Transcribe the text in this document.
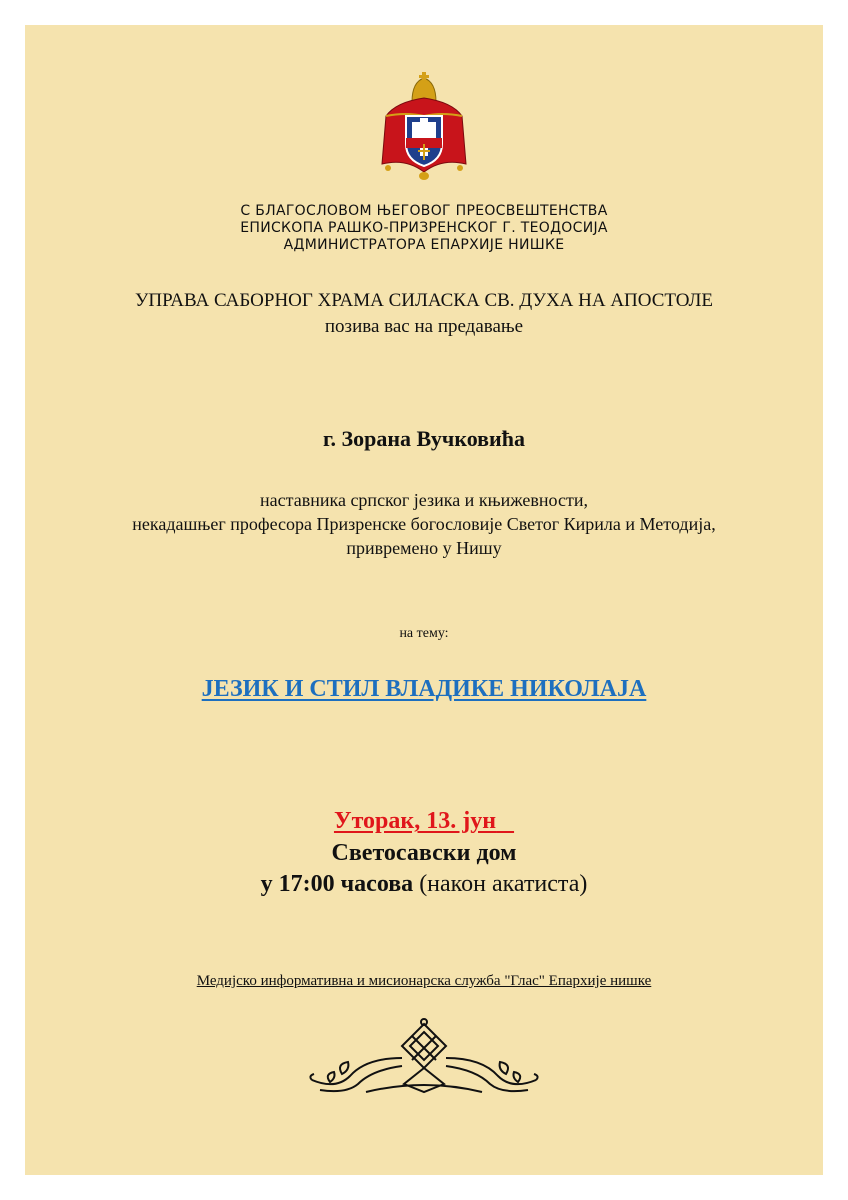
С БЛАГОСЛОВОМ ЊЕГОВОГ ПРЕОСВЕШТЕНСТВА
ЕПИСКОПА РАШКО-ПРИЗРЕНСКОГ Г. ТЕОДОСИЈА
АДМИНИСТРАТОРА ЕПАРХИЈЕ НИШКЕ
УПРАВА САБОРНОГ ХРАМА СИЛАСКА СВ. ДУХА НА АПОСТОЛЕ
позива вас на предавање
г. Зорана Вучковића
наставника српског језика и књижевности,
некадашњег професора Призренске богословије Светог Кирила и Методија,
привремено у Нишу
на тему:
ЈЕЗИК И СТИЛ ВЛАДИКЕ НИКОЛАЈА
Уторак, 13. јун
Светосавски дом
у 17:00 часова (након акатиста)
Медијско информативна и мисионарска служба "Глас" Епархије нишке
